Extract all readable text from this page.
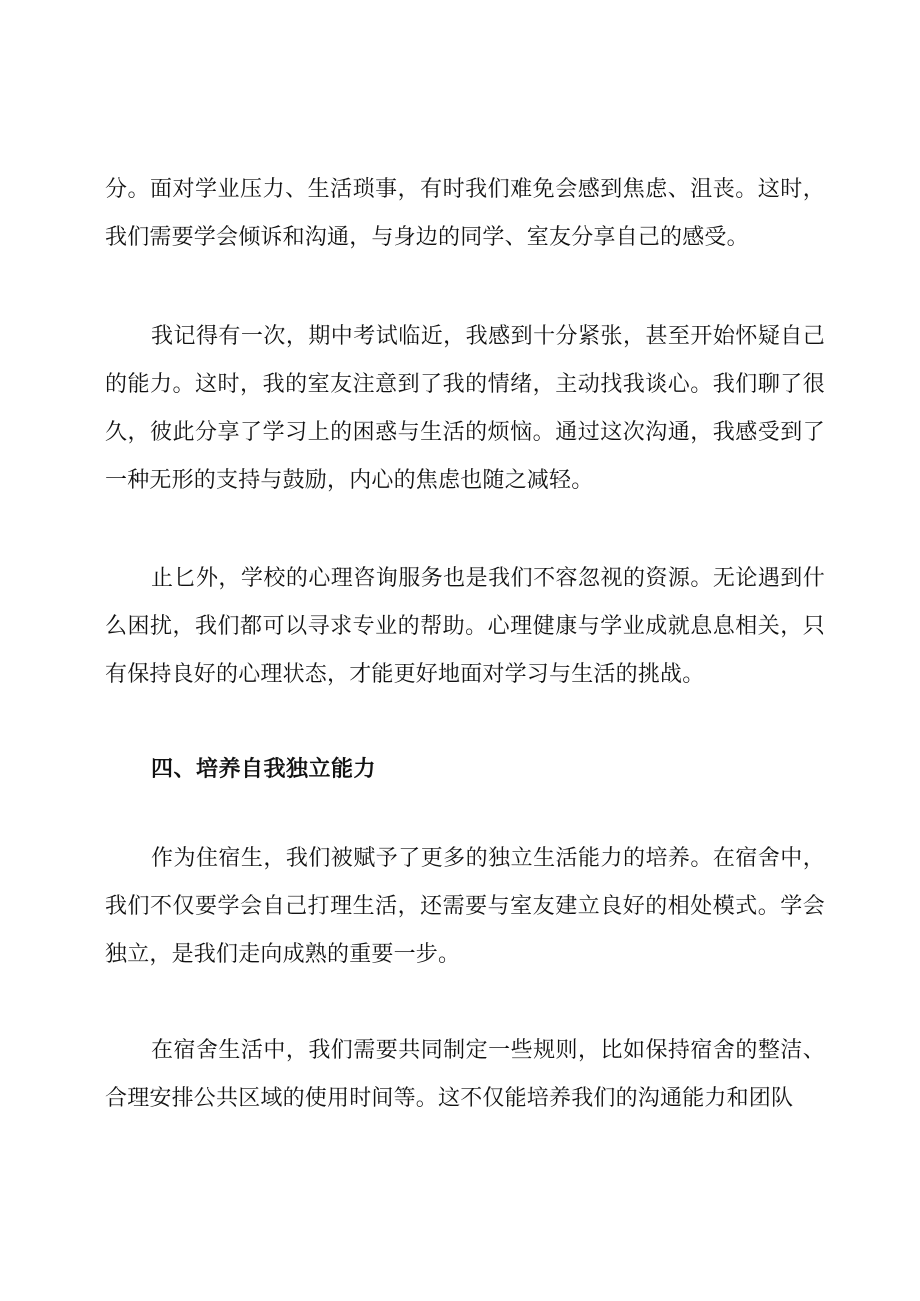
分。面对学业压力、生活琐事，有时我们难免会感到焦虑、沮丧。这时，我们需要学会倾诉和沟通，与身边的同学、室友分享自己的感受。

我记得有一次，期中考试临近，我感到十分紧张，甚至开始怀疑自己的能力。这时，我的室友注意到了我的情绪，主动找我谈心。我们聊了很久，彼此分享了学习上的困惑与生活的烦恼。通过这次沟通，我感受到了一种无形的支持与鼓励，内心的焦虑也随之减轻。

止匕外，学校的心理咨询服务也是我们不容忽视的资源。无论遇到什么困扰，我们都可以寻求专业的帮助。心理健康与学业成就息息相关，只有保持良好的心理状态，才能更好地面对学习与生活的挑战。

四、培养自我独立能力

作为住宿生，我们被赋予了更多的独立生活能力的培养。在宿舍中，我们不仅要学会自己打理生活，还需要与室友建立良好的相处模式。学会独立，是我们走向成熟的重要一步。

在宿舍生活中，我们需要共同制定一些规则，比如保持宿舍的整洁、合理安排公共区域的使用时间等。这不仅能培养我们的沟通能力和团队
